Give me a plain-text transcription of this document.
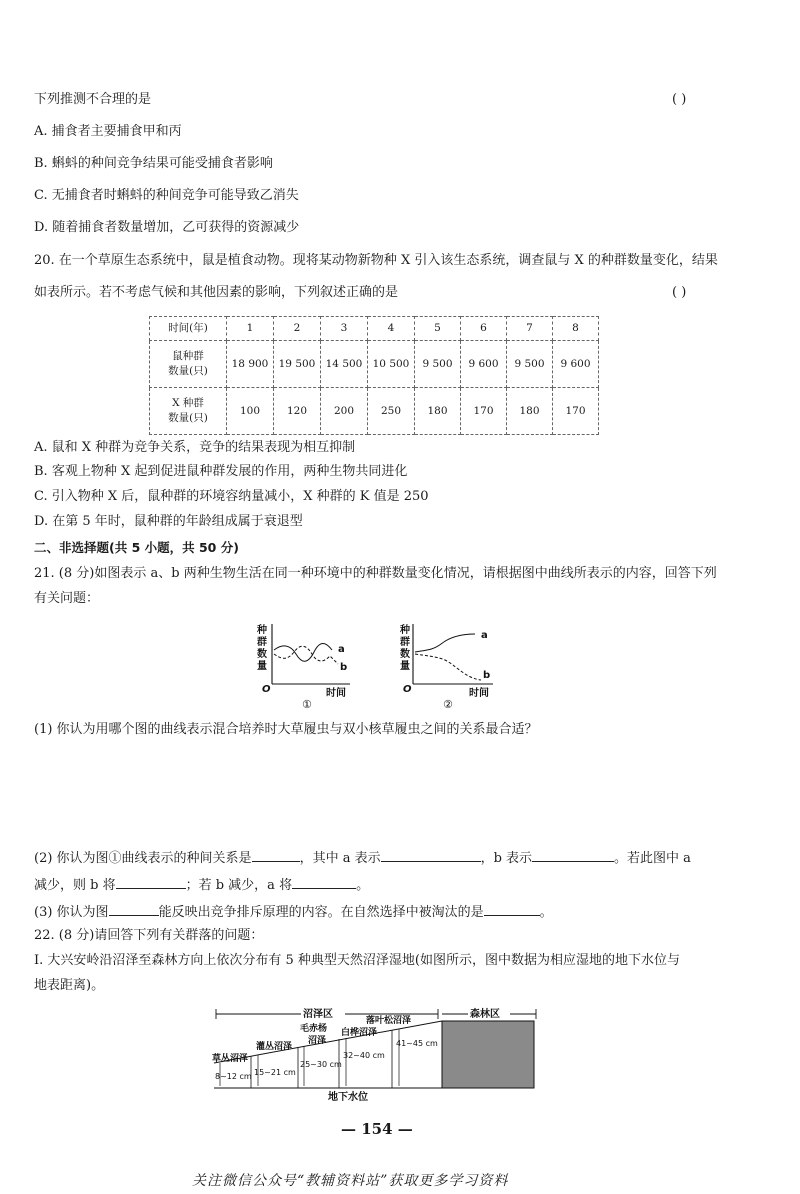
下列推测不合理的是	( )
A. 捕食者主要捕食甲和丙
B. 蝌蚪的种间竞争结果可能受捕食者影响
C. 无捕食者时蝌蚪的种间竞争可能导致乙消失
D. 随着捕食者数量增加，乙可获得的资源减少
20. 在一个草原生态系统中，鼠是植食动物。现将某动物新物种 X 引入该生态系统，调查鼠与 X 的种群数量变化，结果
如表所示。若不考虑气候和其他因素的影响，下列叙述正确的是	( )
时间(年)	1	2	3	4	5	6	7	8
鼠种群
数量(只)	18 900	19 500	14 500	10 500	9 500	9 600	9 500	9 600
X 种群
数量(只)	100	120	200	250	180	170	180	170
A. 鼠和 X 种群为竞争关系，竞争的结果表现为相互抑制
B. 客观上物种 X 起到促进鼠种群发展的作用，两种生物共同进化
C. 引入物种 X 后，鼠种群的环境容纳量减小，X 种群的 K 值是 250
D. 在第 5 年时，鼠种群的年龄组成属于衰退型
二、非选择题(共 5 小题，共 50 分)
21. (8 分)如图表示 a、b 两种生物生活在同一种环境中的种群数量变化情况，请根据图中曲线所表示的内容，回答下列
有关问题：
种
群
数
量
a
b
O	时间
①
种
群
数
量
a
b
O	时间
②
(1) 你认为用哪个图的曲线表示混合培养时大草履虫与双小核草履虫之间的关系最合适？
(2) 你认为图①曲线表示的种间关系是	，其中 a 表示	，b 表示	。若此图中 a
减少，则 b 将	；若 b 减少，a 将	。
(3) 你认为图	能反映出竞争排斥原理的内容。在自然选择中被淘汰的是	。
22. (8 分)请回答下列有关群落的问题：
Ⅰ. 大兴安岭沿沼泽至森林方向上依次分布有 5 种典型天然沼泽湿地(如图所示，图中数据为相应湿地的地下水位与
地表距离)。
沼泽区	森林区
草丛沼泽
灌丛沼泽
毛赤杨
沼泽
白桦沼泽
落叶松沼泽
8~12 cm 15~21 cm
25~30 cm
32~40 cm
41~45 cm
地下水位
— 154 —
关注微信公众号“教辅资料站”获取更多学习资料
